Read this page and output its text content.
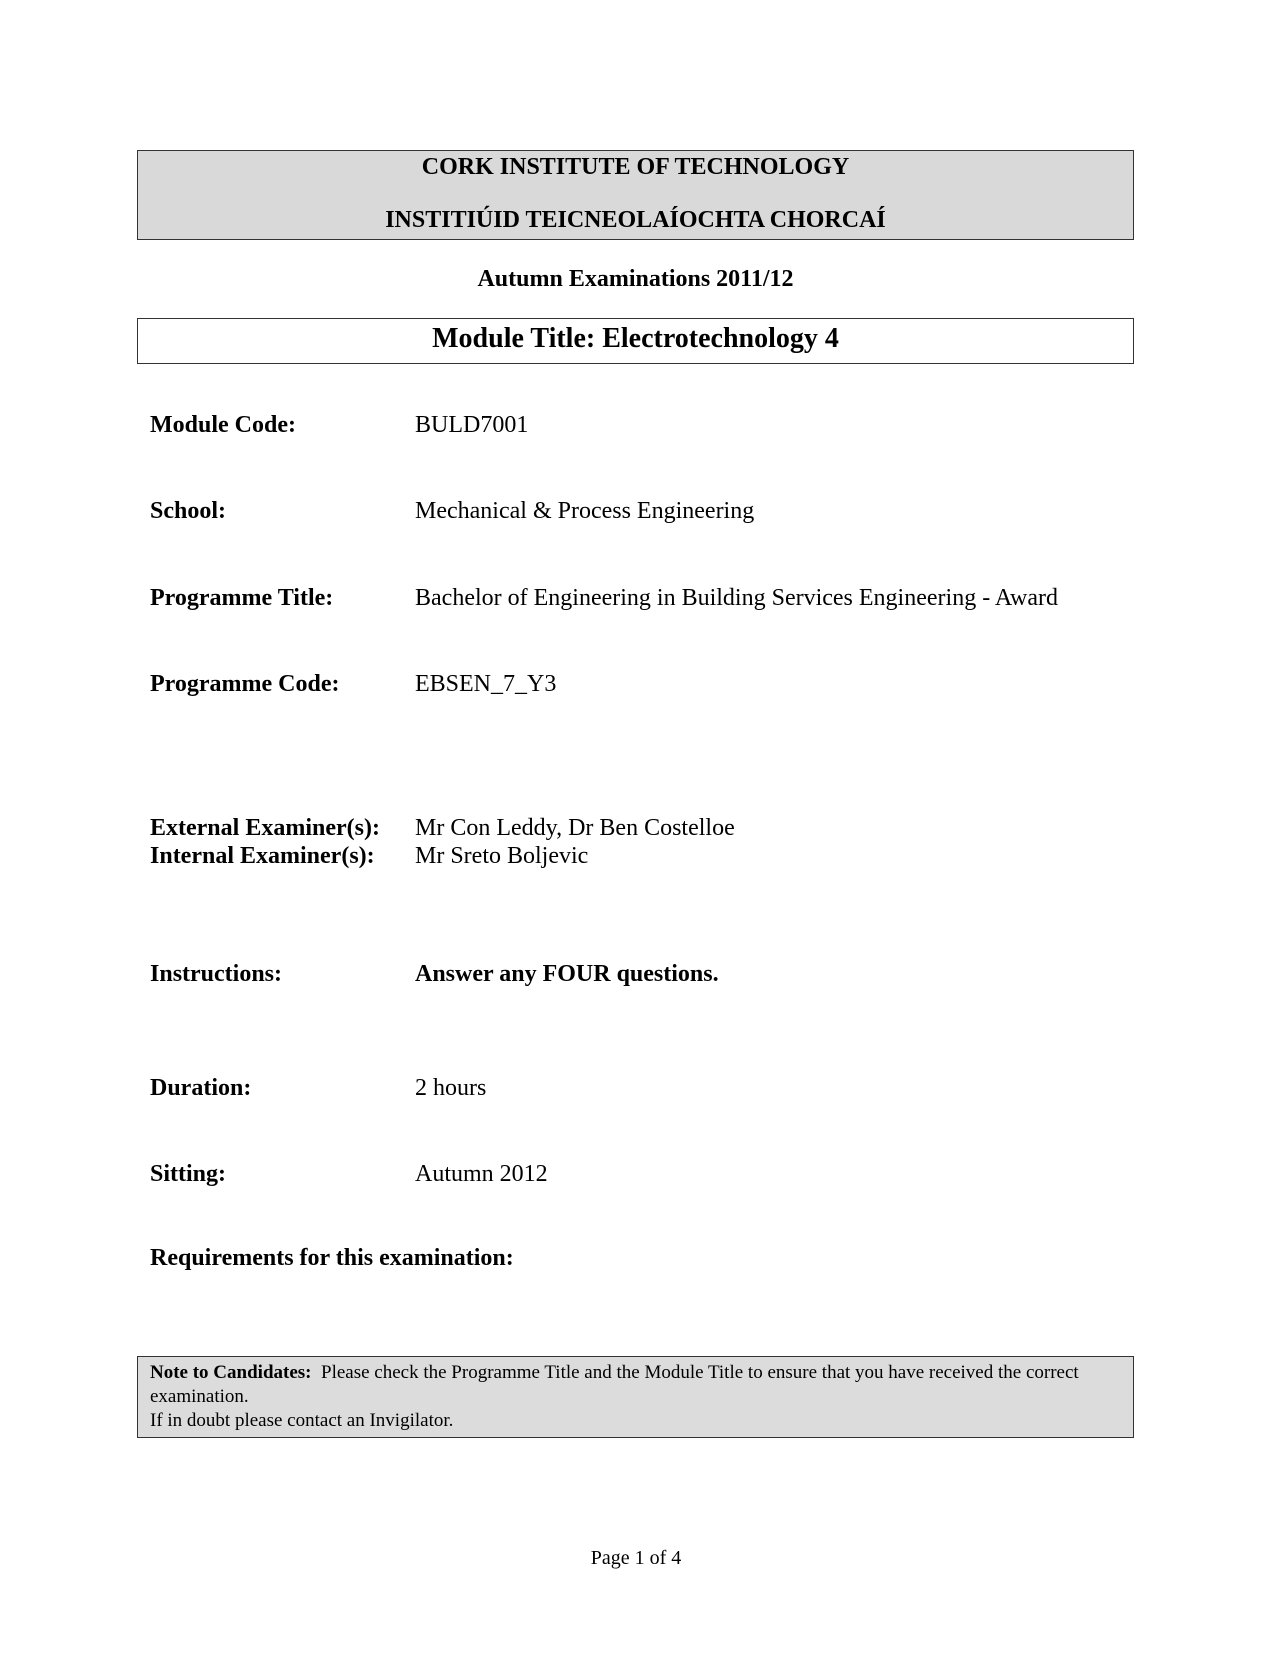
CORK INSTITUTE OF TECHNOLOGY
INSTITIÚID TEICNEOLAÍOCHTA CHORCAÍ
Autumn Examinations 2011/12
Module Title: Electrotechnology 4
Module Code:	BULD7001
School:	Mechanical & Process Engineering
Programme Title:	Bachelor of Engineering in Building Services Engineering - Award
Programme Code:	EBSEN_7_Y3
External Examiner(s): Mr Con Leddy, Dr Ben Costelloe
Internal Examiner(s): Mr Sreto Boljevic
Instructions:	Answer any FOUR questions.
Duration:	2 hours
Sitting:	Autumn 2012
Requirements for this examination:
Note to Candidates: Please check the Programme Title and the Module Title to ensure that you have received the correct examination.
If in doubt please contact an Invigilator.
Page 1 of 4
